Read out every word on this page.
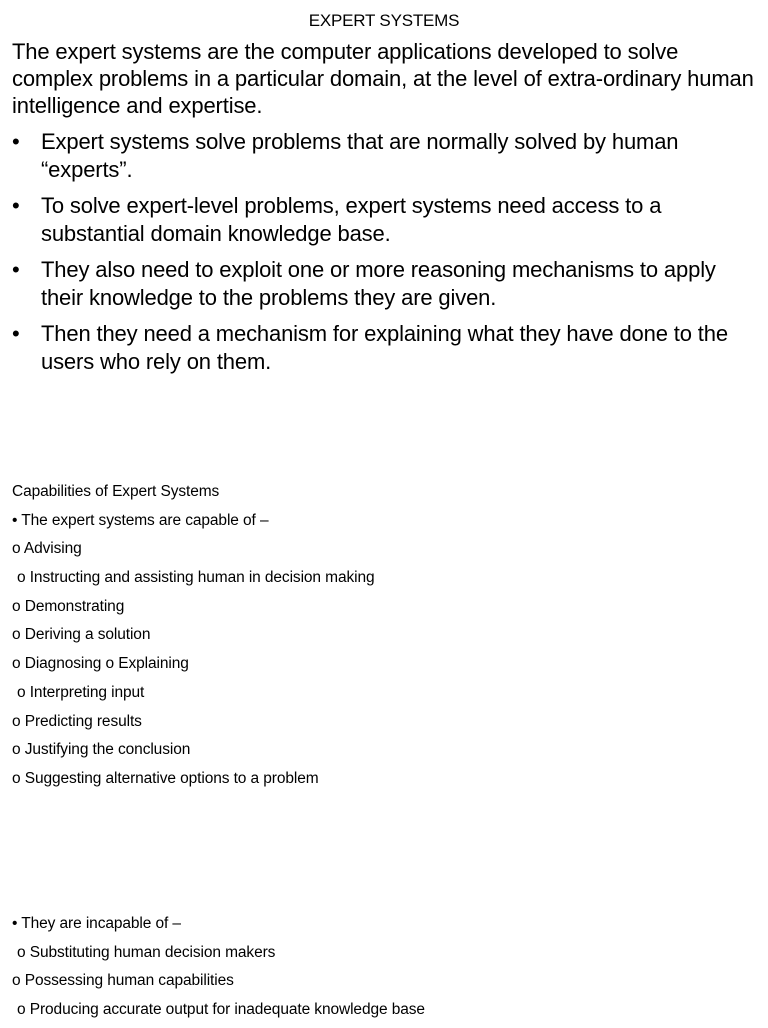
EXPERT SYSTEMS
The expert systems are the computer applications developed to solve complex problems in a particular domain, at the level of extra-ordinary human intelligence and expertise.
• Expert systems solve problems that are normally solved by human “experts”.
• To solve expert-level problems, expert systems need access to a substantial domain knowledge base.
• They also need to exploit one or more reasoning mechanisms to apply their knowledge to the problems they are given.
• Then they need a mechanism for explaining what they have done to the users who rely on them.
Capabilities of Expert Systems
• The expert systems are capable of –
o Advising
o Instructing and assisting human in decision making
o Demonstrating
o Deriving a solution
o Diagnosing o Explaining
o Interpreting input
o Predicting results
o Justifying the conclusion
o Suggesting alternative options to a problem
• They are incapable of –
o Substituting human decision makers
o Possessing human capabilities
o Producing accurate output for inadequate knowledge base
